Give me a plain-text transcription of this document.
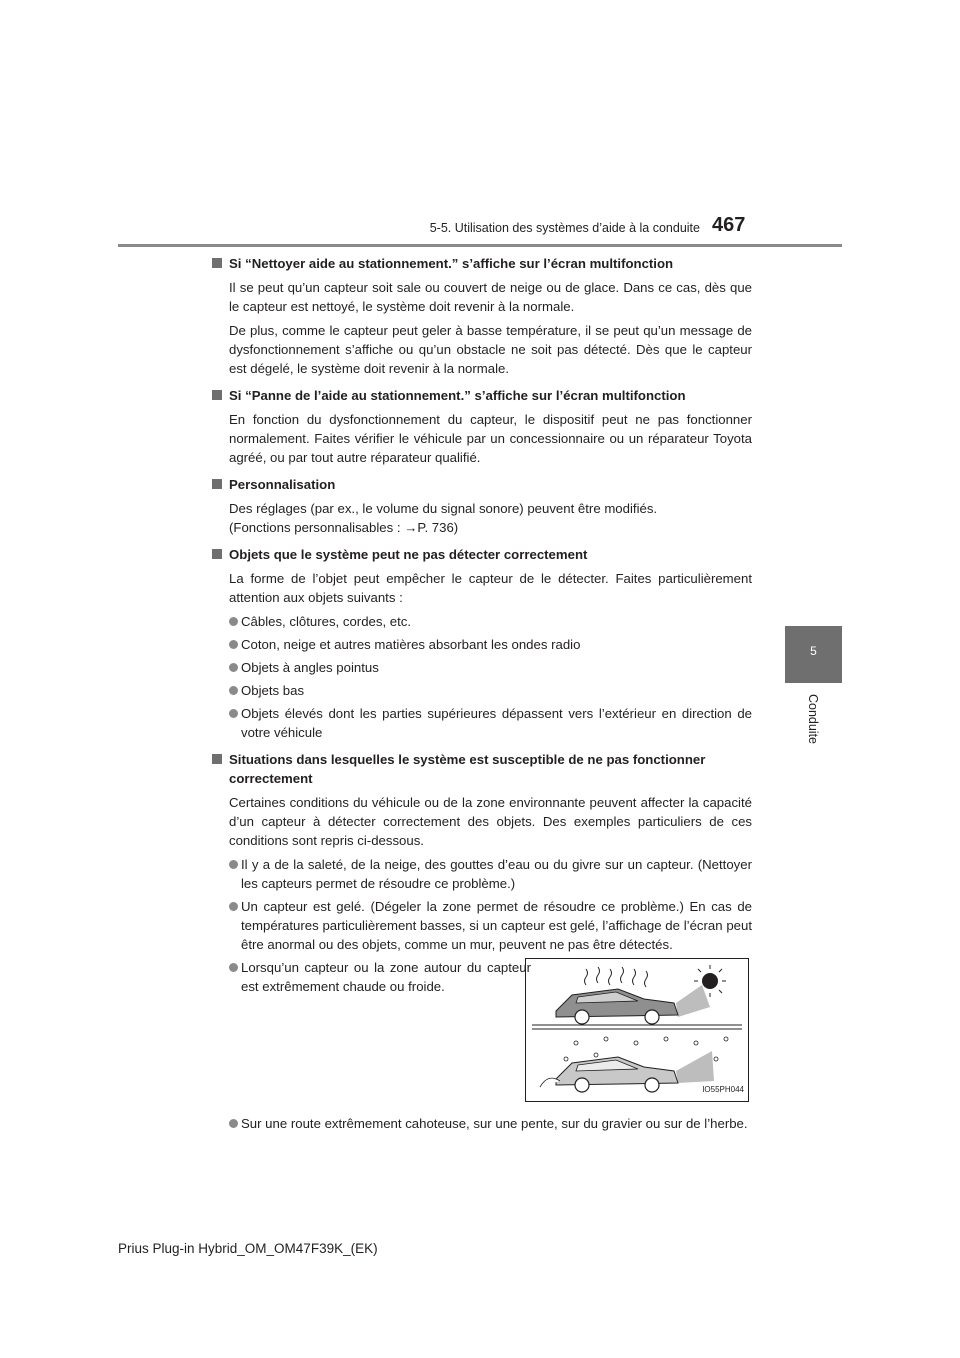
5-5. Utilisation des systèmes d’aide à la conduite 467
5
Conduite
Si “Nettoyer aide au stationnement.” s’affiche sur l’écran multifonction
Il se peut qu’un capteur soit sale ou couvert de neige ou de glace. Dans ce cas, dès que le capteur est nettoyé, le système doit revenir à la normale.
De plus, comme le capteur peut geler à basse température, il se peut qu’un message de dysfonctionnement s’affiche ou qu’un obstacle ne soit pas détecté. Dès que le capteur est dégelé, le système doit revenir à la normale.
Si “Panne de l’aide au stationnement.” s’affiche sur l’écran multifonction
En fonction du dysfonctionnement du capteur, le dispositif peut ne pas fonctionner normalement. Faites vérifier le véhicule par un concessionnaire ou un réparateur Toyota agréé, ou par tout autre réparateur qualifié.
Personnalisation
Des réglages (par ex., le volume du signal sonore) peuvent être modifiés.
(Fonctions personnalisables : →P. 736)
Objets que le système peut ne pas détecter correctement
La forme de l’objet peut empêcher le capteur de le détecter. Faites particulièrement attention aux objets suivants :
Câbles, clôtures, cordes, etc.
Coton, neige et autres matières absorbant les ondes radio
Objets à angles pointus
Objets bas
Objets élevés dont les parties supérieures dépassent vers l’extérieur en direction de votre véhicule
Situations dans lesquelles le système est susceptible de ne pas fonctionner correctement
Certaines conditions du véhicule ou de la zone environnante peuvent affecter la capacité d’un capteur à détecter correctement des objets. Des exemples particuliers de ces conditions sont repris ci-dessous.
Il y a de la saleté, de la neige, des gouttes d’eau ou du givre sur un capteur. (Nettoyer les capteurs permet de résoudre ce problème.)
Un capteur est gelé. (Dégeler la zone permet de résoudre ce problème.) En cas de températures particulièrement basses, si un capteur est gelé, l’affichage de l’écran peut être anormal ou des objets, comme un mur, peuvent ne pas être détectés.
Lorsqu’un capteur ou la zone autour du capteur est extrêmement chaude ou froide.
IO55PH044
Sur une route extrêmement cahoteuse, sur une pente, sur du gravier ou sur de l’herbe.
Prius Plug-in Hybrid_OM_OM47F39K_(EK)
